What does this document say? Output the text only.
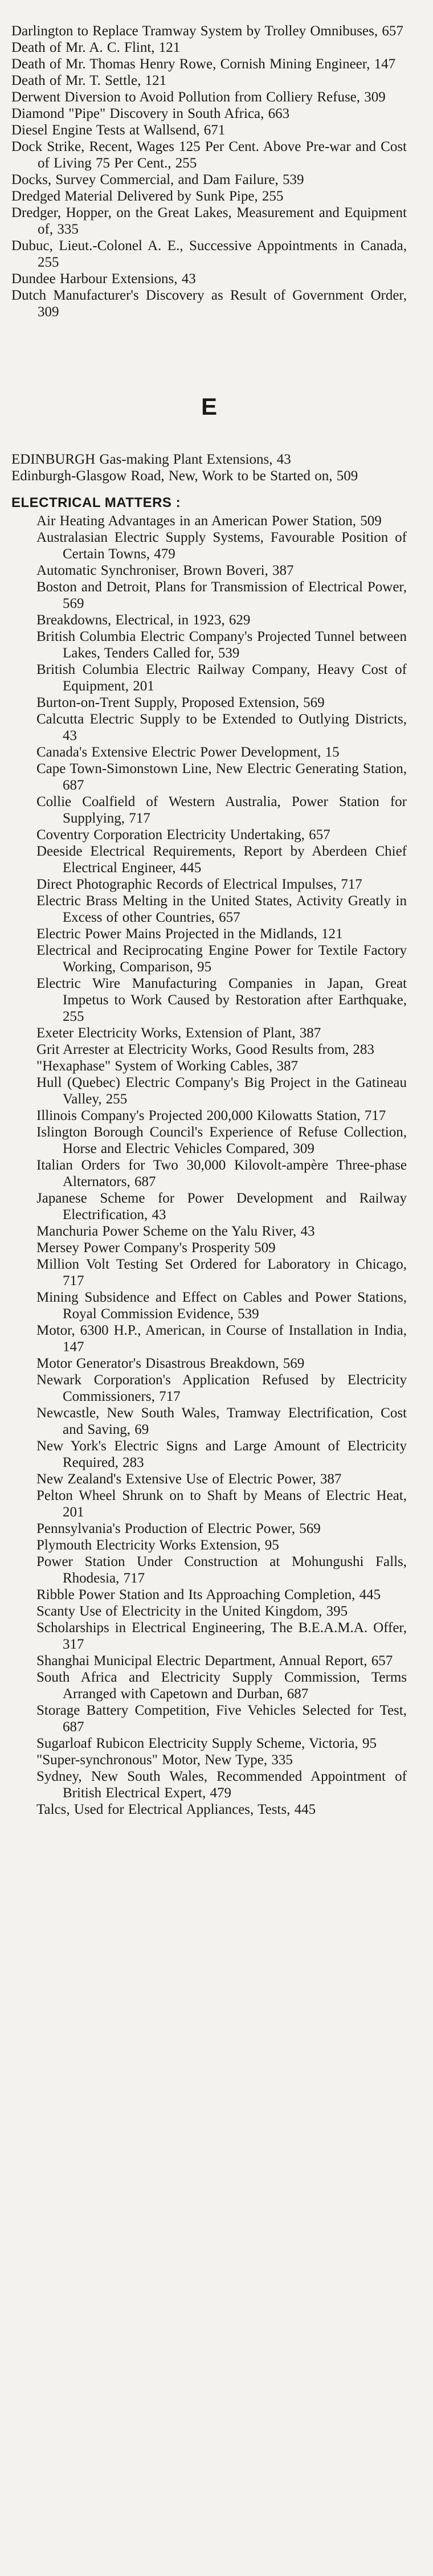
Darlington to Replace Tramway System by Trolley Omnibuses, 657

Death of Mr. A. C. Flint, 121

Death of Mr. Thomas Henry Rowe, Cornish Mining Engineer, 147

Death of Mr. T. Settle, 121

Derwent Diversion to Avoid Pollution from Colliery Refuse, 309

Diamond "Pipe" Discovery in South Africa, 663

Diesel Engine Tests at Wallsend, 671

Dock Strike, Recent, Wages 125 Per Cent. Above Pre-war and Cost of Living 75 Per Cent., 255

Docks, Survey Commercial, and Dam Failure, 539

Dredged Material Delivered by Sunk Pipe, 255

Dredger, Hopper, on the Great Lakes, Measurement and Equipment of, 335

Dubuc, Lieut.-Colonel A. E., Successive Appointments in Canada, 255

Dundee Harbour Extensions, 43

Dutch Manufacturer's Discovery as Result of Government Order, 309

E

EDINBURGH Gas-making Plant Extensions, 43

Edinburgh-Glasgow Road, New, Work to be Started on, 509

ELECTRICAL MATTERS :

Air Heating Advantages in an American Power Station, 509

Australasian Electric Supply Systems, Favourable Position of Certain Towns, 479

Automatic Synchroniser, Brown Boveri, 387

Boston and Detroit, Plans for Transmission of Electrical Power, 569

Breakdowns, Electrical, in 1923, 629

British Columbia Electric Company's Projected Tunnel between Lakes, Tenders Called for, 539

British Columbia Electric Railway Company, Heavy Cost of Equipment, 201

Burton-on-Trent Supply, Proposed Extension, 569

Calcutta Electric Supply to be Extended to Outlying Districts, 43

Canada's Extensive Electric Power Development, 15

Cape Town-Simonstown Line, New Electric Generating Station, 687

Collie Coalfield of Western Australia, Power Station for Supplying, 717

Coventry Corporation Electricity Undertaking, 657

Deeside Electrical Requirements, Report by Aberdeen Chief Electrical Engineer, 445

Direct Photographic Records of Electrical Impulses, 717

Electric Brass Melting in the United States, Activity Greatly in Excess of other Countries, 657

Electric Power Mains Projected in the Midlands, 121

Electrical and Reciprocating Engine Power for Textile Factory Working, Comparison, 95

Electric Wire Manufacturing Companies in Japan, Great Impetus to Work Caused by Restoration after Earthquake, 255

Exeter Electricity Works, Extension of Plant, 387

Grit Arrester at Electricity Works, Good Results from, 283

"Hexaphase" System of Working Cables, 387

Hull (Quebec) Electric Company's Big Project in the Gatineau Valley, 255

Illinois Company's Projected 200,000 Kilowatts Station, 717

Islington Borough Council's Experience of Refuse Collection, Horse and Electric Vehicles Compared, 309

Italian Orders for Two 30,000 Kilovolt-ampère Three-phase Alternators, 687

Japanese Scheme for Power Development and Railway Electrification, 43

Manchuria Power Scheme on the Yalu River, 43

Mersey Power Company's Prosperity 509

Million Volt Testing Set Ordered for Laboratory in Chicago, 717

Mining Subsidence and Effect on Cables and Power Stations, Royal Commission Evidence, 539

Motor, 6300 H.P., American, in Course of Installation in India, 147

Motor Generator's Disastrous Breakdown, 569

Newark Corporation's Application Refused by Electricity Commissioners, 717

Newcastle, New South Wales, Tramway Electrification, Cost and Saving, 69

New York's Electric Signs and Large Amount of Electricity Required, 283

New Zealand's Extensive Use of Electric Power, 387

Pelton Wheel Shrunk on to Shaft by Means of Electric Heat, 201

Pennsylvania's Production of Electric Power, 569

Plymouth Electricity Works Extension, 95

Power Station Under Construction at Mohungushi Falls, Rhodesia, 717

Ribble Power Station and Its Approaching Completion, 445

Scanty Use of Electricity in the United Kingdom, 395

Scholarships in Electrical Engineering, The B.E.A.M.A. Offer, 317

Shanghai Municipal Electric Department, Annual Report, 657

South Africa and Electricity Supply Commission, Terms Arranged with Capetown and Durban, 687

Storage Battery Competition, Five Vehicles Selected for Test, 687

Sugarloaf Rubicon Electricity Supply Scheme, Victoria, 95

"Super-synchronous" Motor, New Type, 335

Sydney, New South Wales, Recommended Appointment of British Electrical Expert, 479

Talcs, Used for Electrical Appliances, Tests, 445
